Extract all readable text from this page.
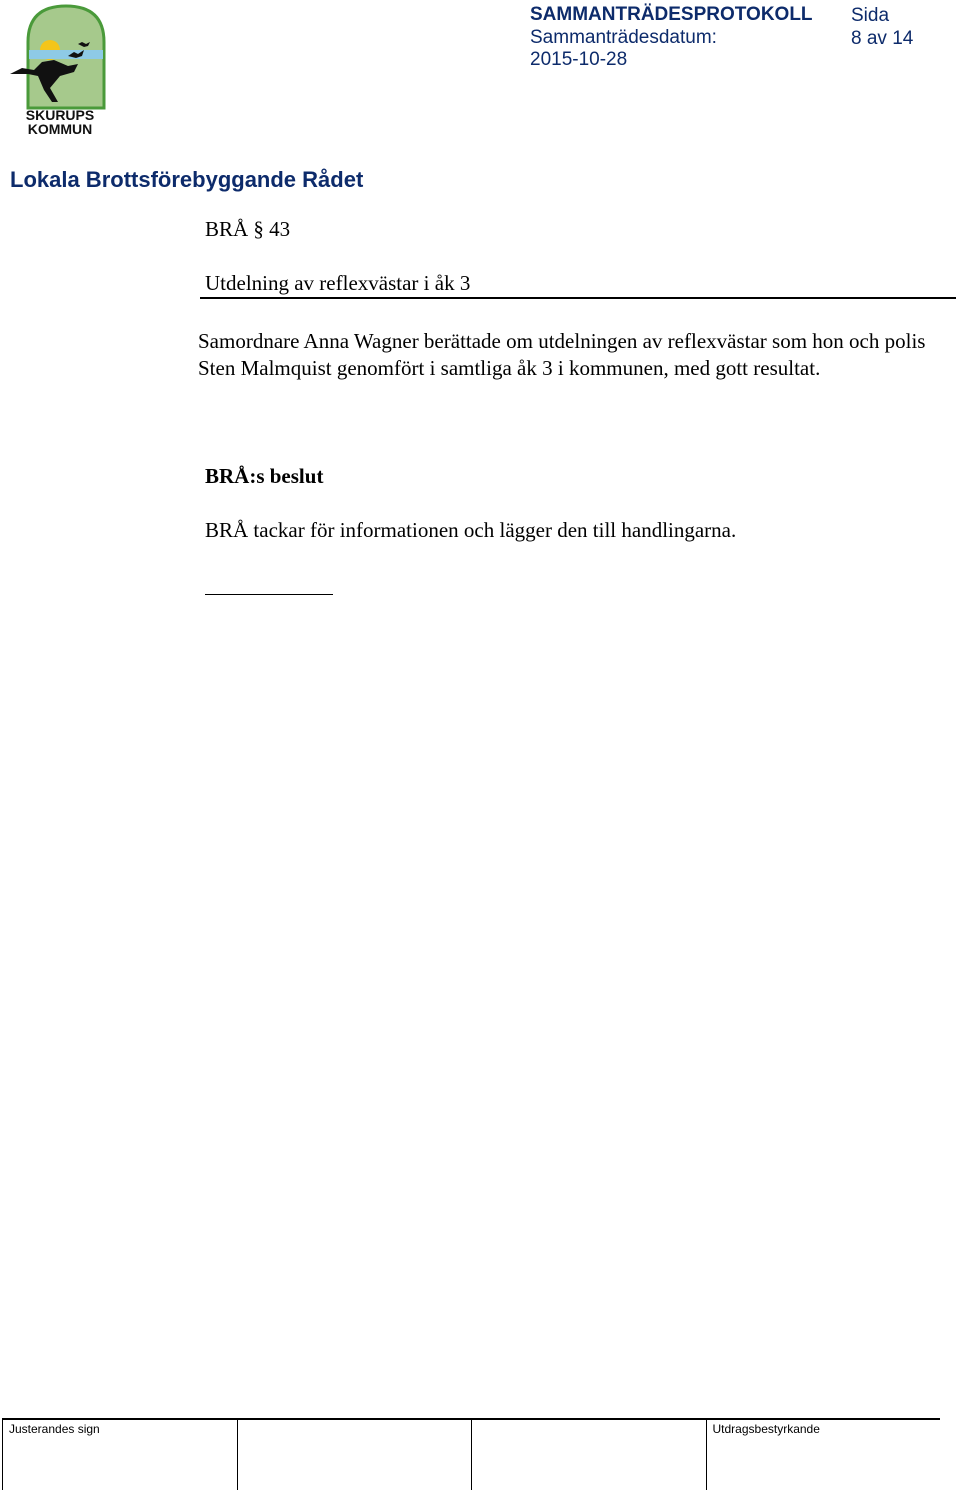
SKURUPS
KOMMUN
SAMMANTRÄDESPROTOKOLL
Sammanträdesdatum:
2015-10-28
Sida
8 av 14
Lokala Brottsförebyggande Rådet
BRÅ § 43
Utdelning av reflexvästar i åk 3
Samordnare Anna Wagner berättade om utdelningen av reflexvästar som hon och polis Sten Malmquist genomfört i samtliga åk 3 i kommunen, med gott resultat.
BRÅ:s beslut
BRÅ tackar för informationen och lägger den till handlingarna.
Justerandes sign	Utdragsbestyrkande
